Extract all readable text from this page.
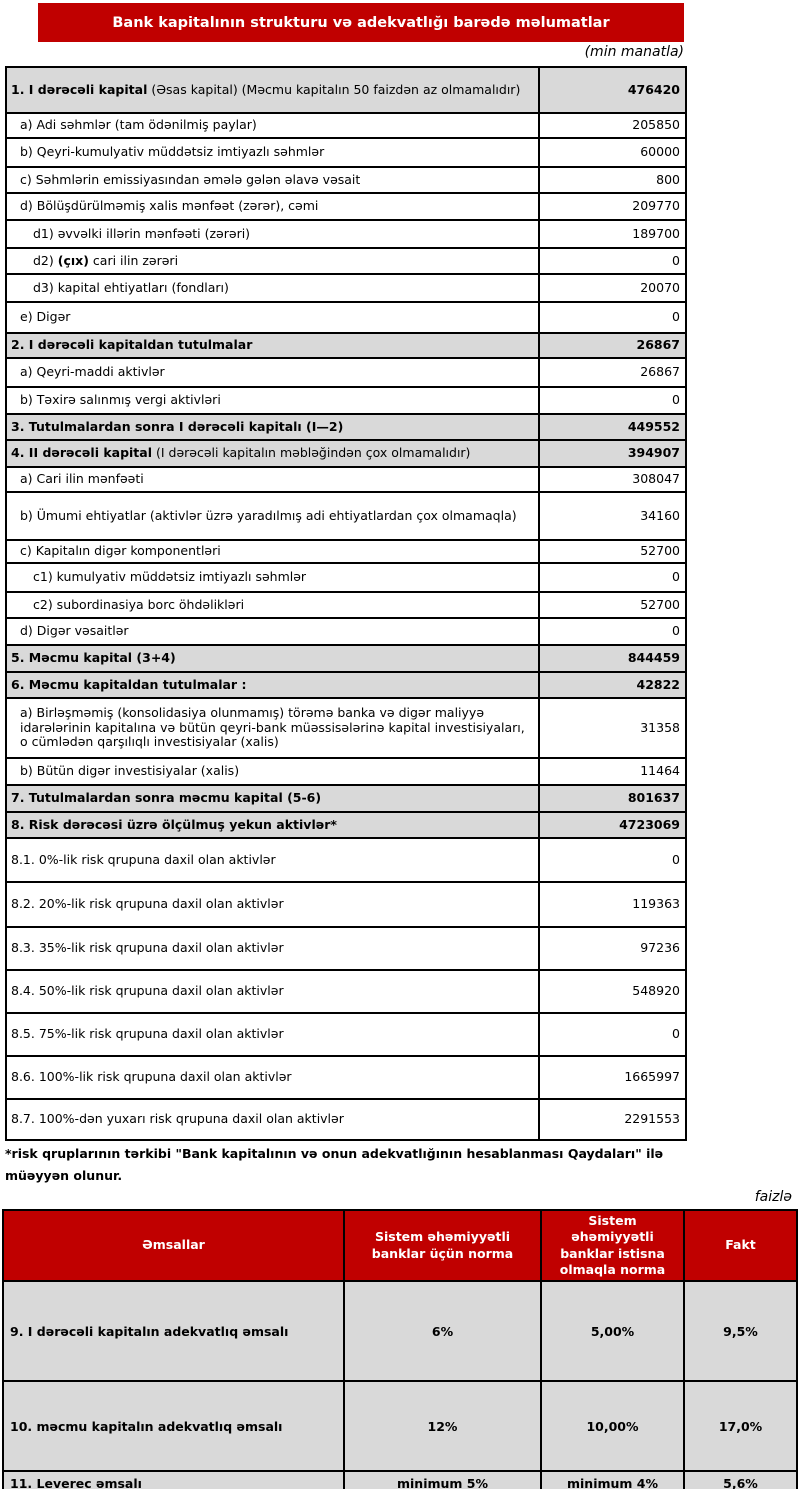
Bank kapitalının strukturu və adekvatlığı barədə məlumatlar
(min manatla)
1. I dərəcəli kapital (Əsas kapital) (Məcmu kapitalın 50 faizdən az olmamalıdır)	476420
a) Adi səhmlər (tam ödənilmiş paylar)	205850
b) Qeyri-kumulyativ müddətsiz imtiyazlı səhmlər	60000
c) Səhmlərin emissiyasından əmələ gələn əlavə vəsait	800
d) Bölüşdürülməmiş xalis mənfəət (zərər), cəmi	209770
d1) əvvəlki illərin mənfəəti (zərəri)	189700
d2) (çıx) cari ilin zərəri	0
d3) kapital ehtiyatları (fondları)	20070
e) Digər	0
2. I dərəcəli kapitaldan tutulmalar	26867
a) Qeyri-maddi aktivlər	26867
b) Təxirə salınmış vergi aktivləri	0
3. Tutulmalardan sonra I dərəcəli kapitalı (I—2)	449552
4. II dərəcəli kapital (I dərəcəli kapitalın məbləğindən çox olmamalıdır)	394907
a) Cari ilin mənfəəti	308047
b) Ümumi ehtiyatlar (aktivlər üzrə yaradılmış adi ehtiyatlardan çox olmamaqla)	34160
c) Kapitalın digər komponentləri	52700
c1) kumulyativ müddətsiz imtiyazlı səhmlər	0
c2) subordinasiya borc öhdəlikləri	52700
d) Digər vəsaitlər	0
5. Məcmu kapital (3+4)	844459
6. Məcmu kapitaldan tutulmalar :	42822
a) Birləşməmiş (konsolidasiya olunmamış) törəmə banka və digər maliyyə idarələrinin kapitalına və bütün qeyri-bank müəssisələrinə kapital investisiyaları, o cümlədən qarşılıqlı investisiyalar (xalis)	31358
b) Bütün digər investisiyalar (xalis)	11464
7. Tutulmalardan sonra məcmu kapital (5-6)	801637
8. Risk dərəcəsi üzrə ölçülmuş yekun aktivlər*	4723069
8.1. 0%-lik risk qrupuna daxil olan aktivlər	0
8.2. 20%-lik risk qrupuna daxil olan aktivlər	119363
8.3. 35%-lik risk qrupuna daxil olan aktivlər	97236
8.4. 50%-lik risk qrupuna daxil olan aktivlər	548920
8.5. 75%-lik risk qrupuna daxil olan aktivlər	0
8.6. 100%-lik risk qrupuna daxil olan aktivlər	1665997
8.7. 100%-dən yuxarı risk qrupuna daxil olan aktivlər	2291553
*risk qruplarının tərkibi "Bank kapitalının və onun adekvatlığının hesablanması Qaydaları" ilə müəyyən olunur.
faizlə
Əmsallar	Sistem əhəmiyyətli banklar üçün norma	Sistem əhəmiyyətli banklar istisna olmaqla norma	Fakt
9. I dərəcəli kapitalın adekvatlıq əmsalı	6%	5,00%	9,5%
10. məcmu kapitalın adekvatlıq əmsalı	12%	10,00%	17,0%
11. Leverec əmsalı	minimum 5%	minimum 4%	5,6%
